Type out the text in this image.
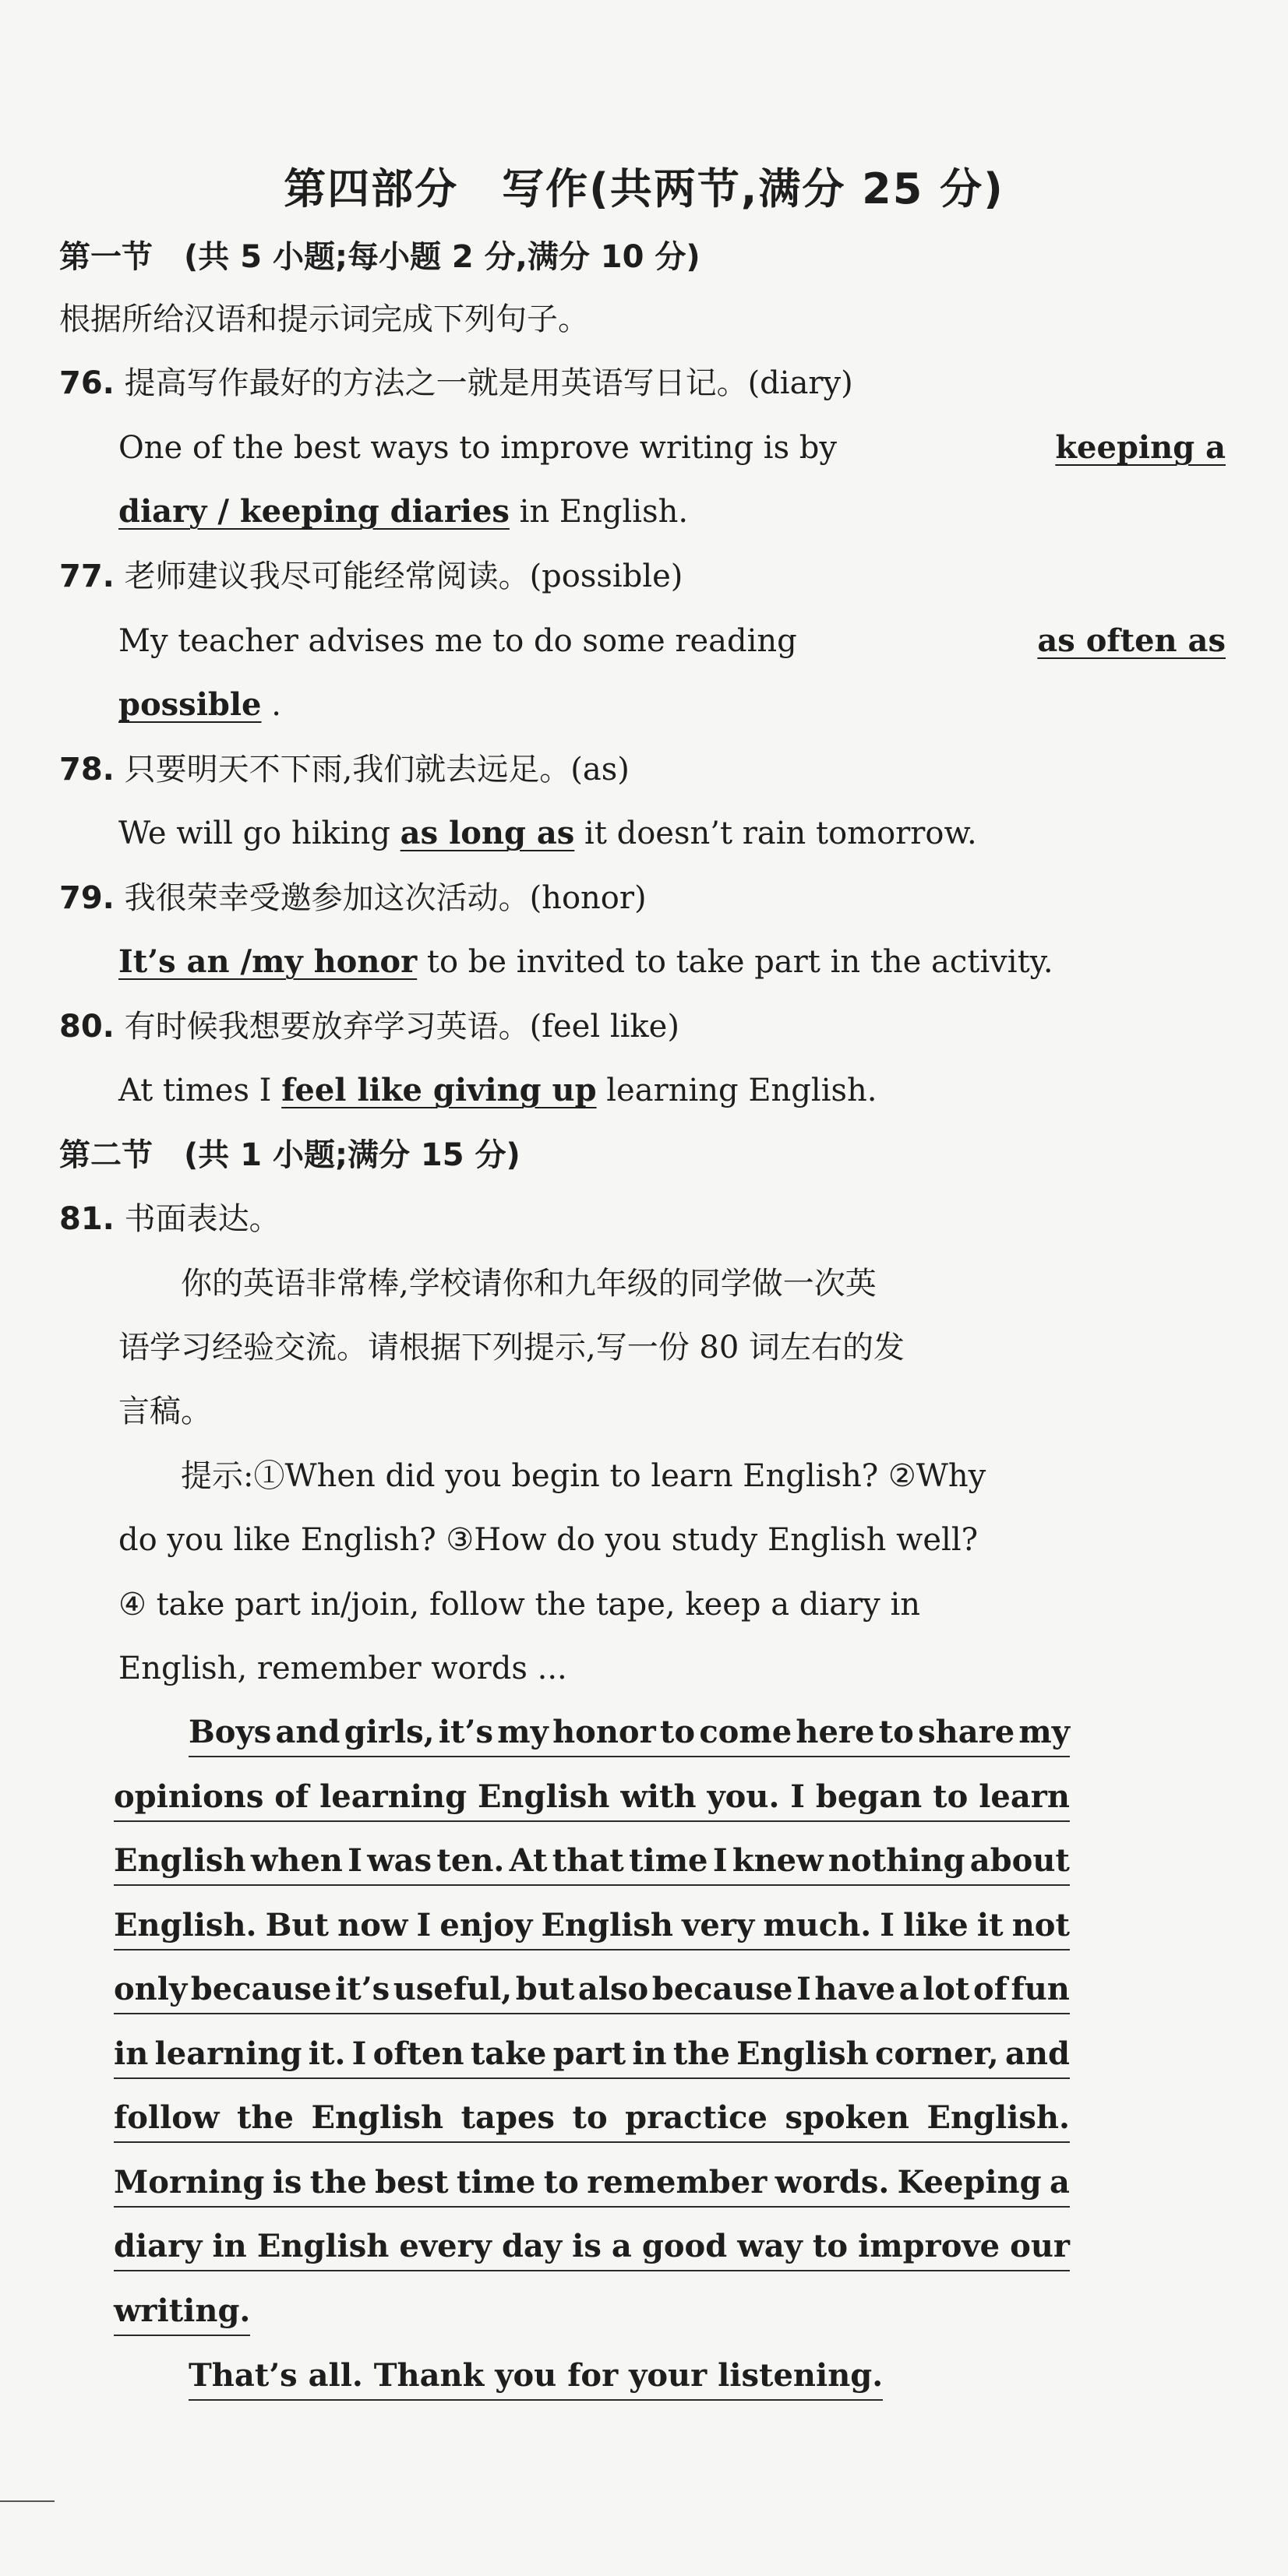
第四部分　写作(共两节,满分 25 分)
第一节　(共 5 小题;每小题 2 分,满分 10 分)
根据所给汉语和提示词完成下列句子。
76. 提高写作最好的方法之一就是用英语写日记。(diary)
One of the best ways to improve writing is by	keeping a
diary / keeping diaries in English.
77. 老师建议我尽可能经常阅读。(possible)
My teacher advises me to do some reading	as often as
possible .
78. 只要明天不下雨,我们就去远足。(as)
We will go hiking as long as it doesn’t rain tomorrow.
79. 我很荣幸受邀参加这次活动。(honor)
It’s an /my honor to be invited to take part in the activity.
80. 有时候我想要放弃学习英语。(feel like)
At times I feel like giving up learning English.
第二节　(共 1 小题;满分 15 分)
81. 书面表达。
你的英语非常棒,学校请你和九年级的同学做一次英
语学习经验交流。请根据下列提示,写一份 80 词左右的发
言稿。
提示:①When did you begin to learn English? ②Why
do you like English? ③How do you study English well?
④ take part in/join, follow the tape, keep a diary in
English, remember words ...
Boys and girls, it’s my honor to come here to share my
opinions of learning English with you. I began to learn
English when I was ten. At that time I knew nothing about
English. But now I enjoy English very much. I like it not
only because it’s useful, but also because I have a lot of fun
in learning it. I often take part in the English corner, and
follow the English tapes to practice spoken English.
Morning is the best time to remember words. Keeping a
diary in English every day is a good way to improve our
writing.
That’s all. Thank you for your listening.
